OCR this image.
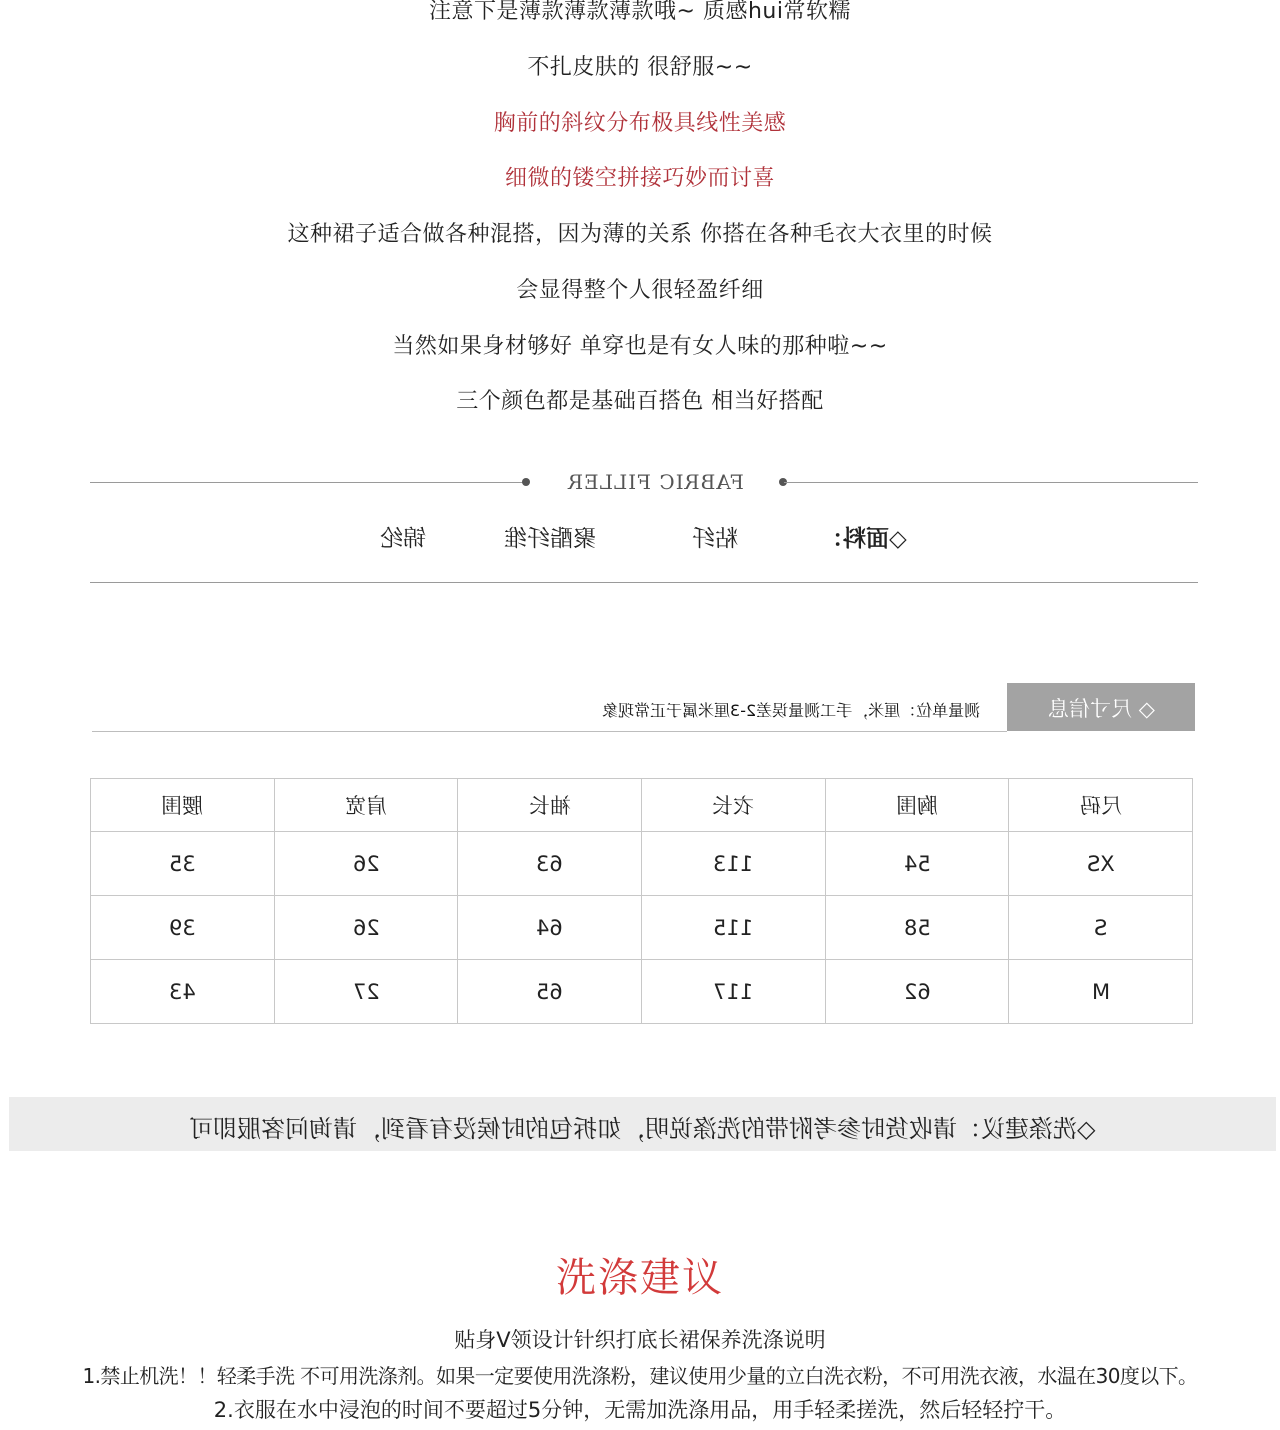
注意下是薄款薄款薄款哦~ 质感hui常软糯
不扎皮肤的 很舒服~~
胸前的斜纹分布极具线性美感
细微的镂空拼接巧妙而讨喜
这种裙子适合做各种混搭，因为薄的关系 你搭在各种毛衣大衣里的时候
会显得整个人很轻盈纤细
当然如果身材够好 单穿也是有女人味的那种啦~~
三个颜色都是基础百搭色 相当好搭配
FABRIC FILLER
锦纶	聚酯纤维	粘纤	◇面料：
测量单位：厘米，手工测量误差2-3厘米属于正常现象	◇ 尺寸信息
腰围	肩宽	袖长	衣长	胸围	尺码
35	26	63	113	54	XS
39	26	64	115	58	S
43	27	65	117	62	M
◇洗涤建议：请收货时参考附带的洗涤说明，如拆包的时候没有看到，请询问客服即可
洗涤建议
贴身V领设计针织打底长裙保养洗涤说明
1.禁止机洗！！轻柔手洗 不可用洗涤剂。如果一定要使用洗涤粉，建议使用少量的立白洗衣粉，不可用洗衣液，水温在30度以下。
2.衣服在水中浸泡的时间不要超过5分钟，无需加洗涤用品，用手轻柔搓洗，然后轻轻拧干。
